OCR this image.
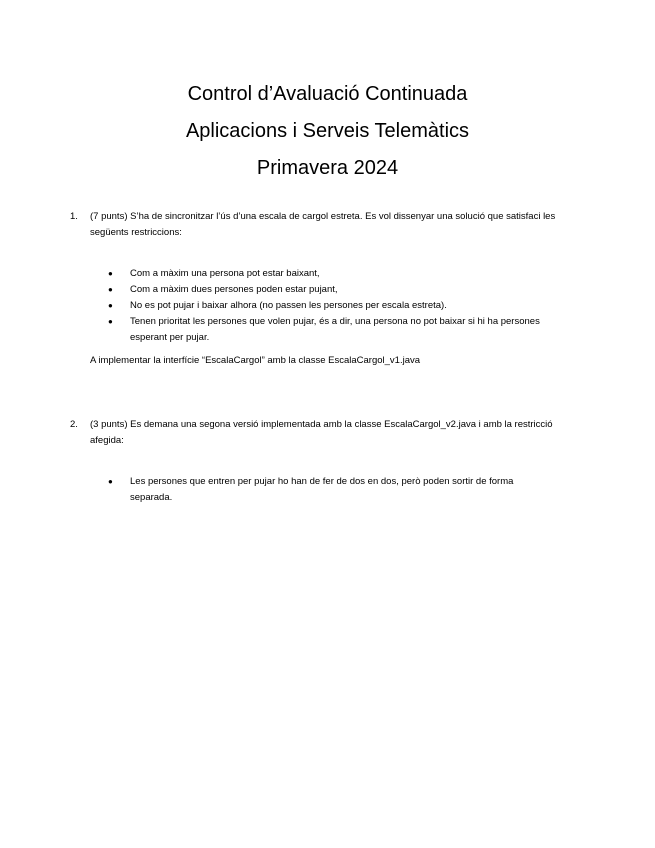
Control d’Avaluació Continuada
Aplicacions i Serveis Telemàtics
Primavera 2024
1.	(7 punts) S’ha de sincronitzar l’ús d’una escala de cargol estreta. Es vol dissenyar una solució que satisfaci les següents restriccions:
●	Com a màxim una persona pot estar baixant,
●	Com a màxim dues persones poden estar pujant,
●	No es pot pujar i baixar alhora (no passen les persones per escala estreta).
●	Tenen prioritat les persones que volen pujar, és a dir, una persona no pot baixar si hi ha persones esperant per pujar.
A implementar la interfície “EscalaCargol” amb la classe EscalaCargol_v1.java
2.	(3 punts) Es demana una segona versió implementada amb la classe EscalaCargol_v2.java i amb la restricció afegida:
●	Les persones que entren per pujar ho han de fer de dos en dos, però poden sortir de forma separada.
